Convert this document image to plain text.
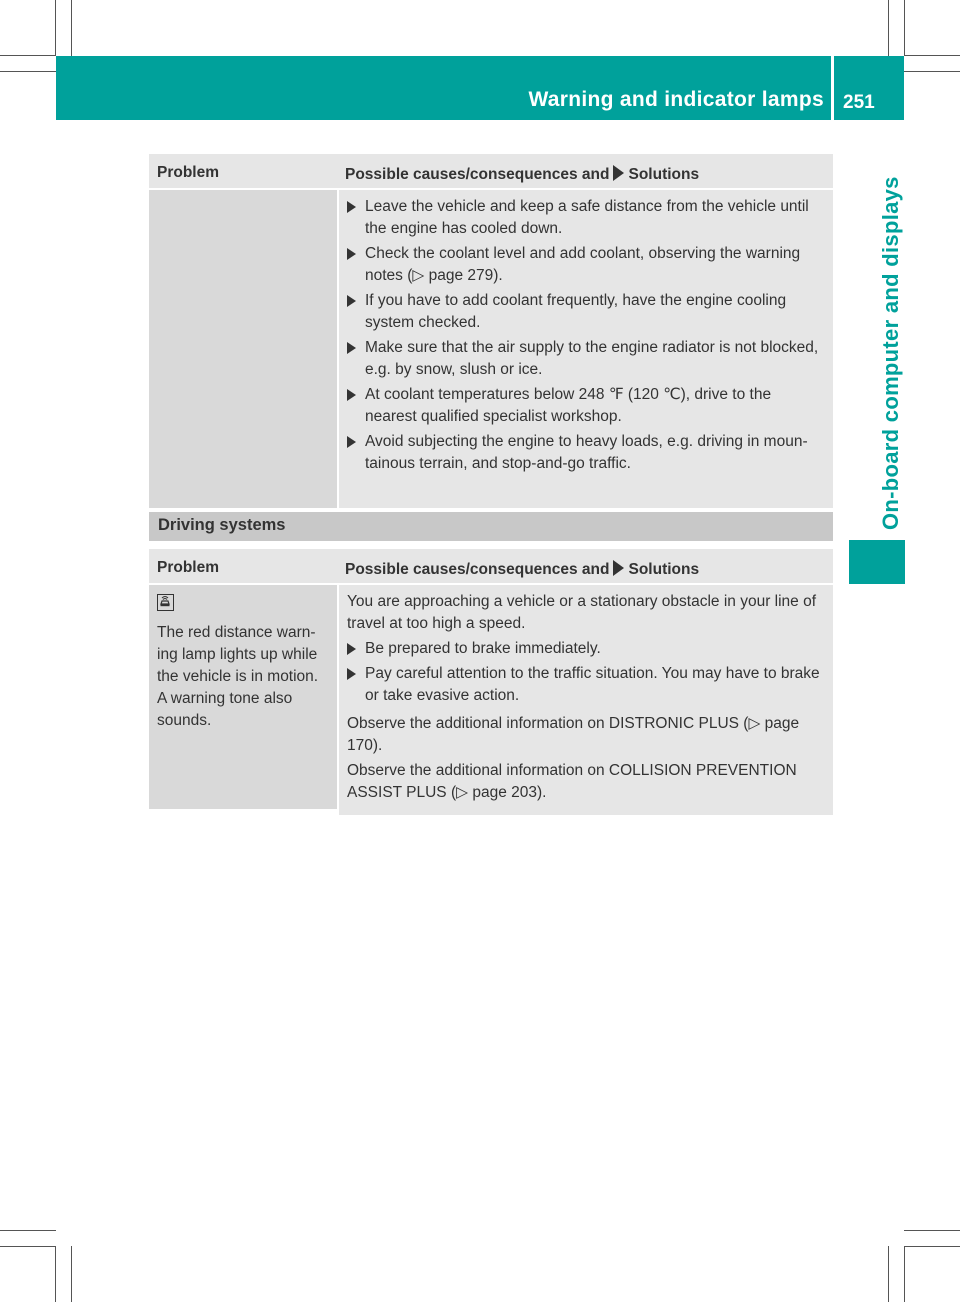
Warning and indicator lamps 251
On-board computer and displays
Problem	Possible causes/consequences and Solutions
Leave the vehicle and keep a safe distance from the vehicle until the engine has cooled down.
Check the coolant level and add coolant, observing the warning notes (▷ page 279).
If you have to add coolant frequently, have the engine cooling system checked.
Make sure that the air supply to the engine radiator is not blocked, e.g. by snow, slush or ice.
At coolant temperatures below 248 ℉ (120 ℃), drive to the nearest qualified specialist workshop.
Avoid subjecting the engine to heavy loads, e.g. driving in moun-tainous terrain, and stop-and-go traffic.
Driving systems
Problem	Possible causes/consequences and Solutions
The red distance warn-ing lamp lights up while the vehicle is in motion. A warning tone also sounds.

You are approaching a vehicle or a stationary obstacle in your line of travel at too high a speed.

Be prepared to brake immediately.
Pay careful attention to the traffic situation. You may have to brake or take evasive action.

Observe the additional information on DISTRONIC PLUS (▷ page 170).

Observe the additional information on COLLISION PREVENTION ASSIST PLUS (▷ page 203).
